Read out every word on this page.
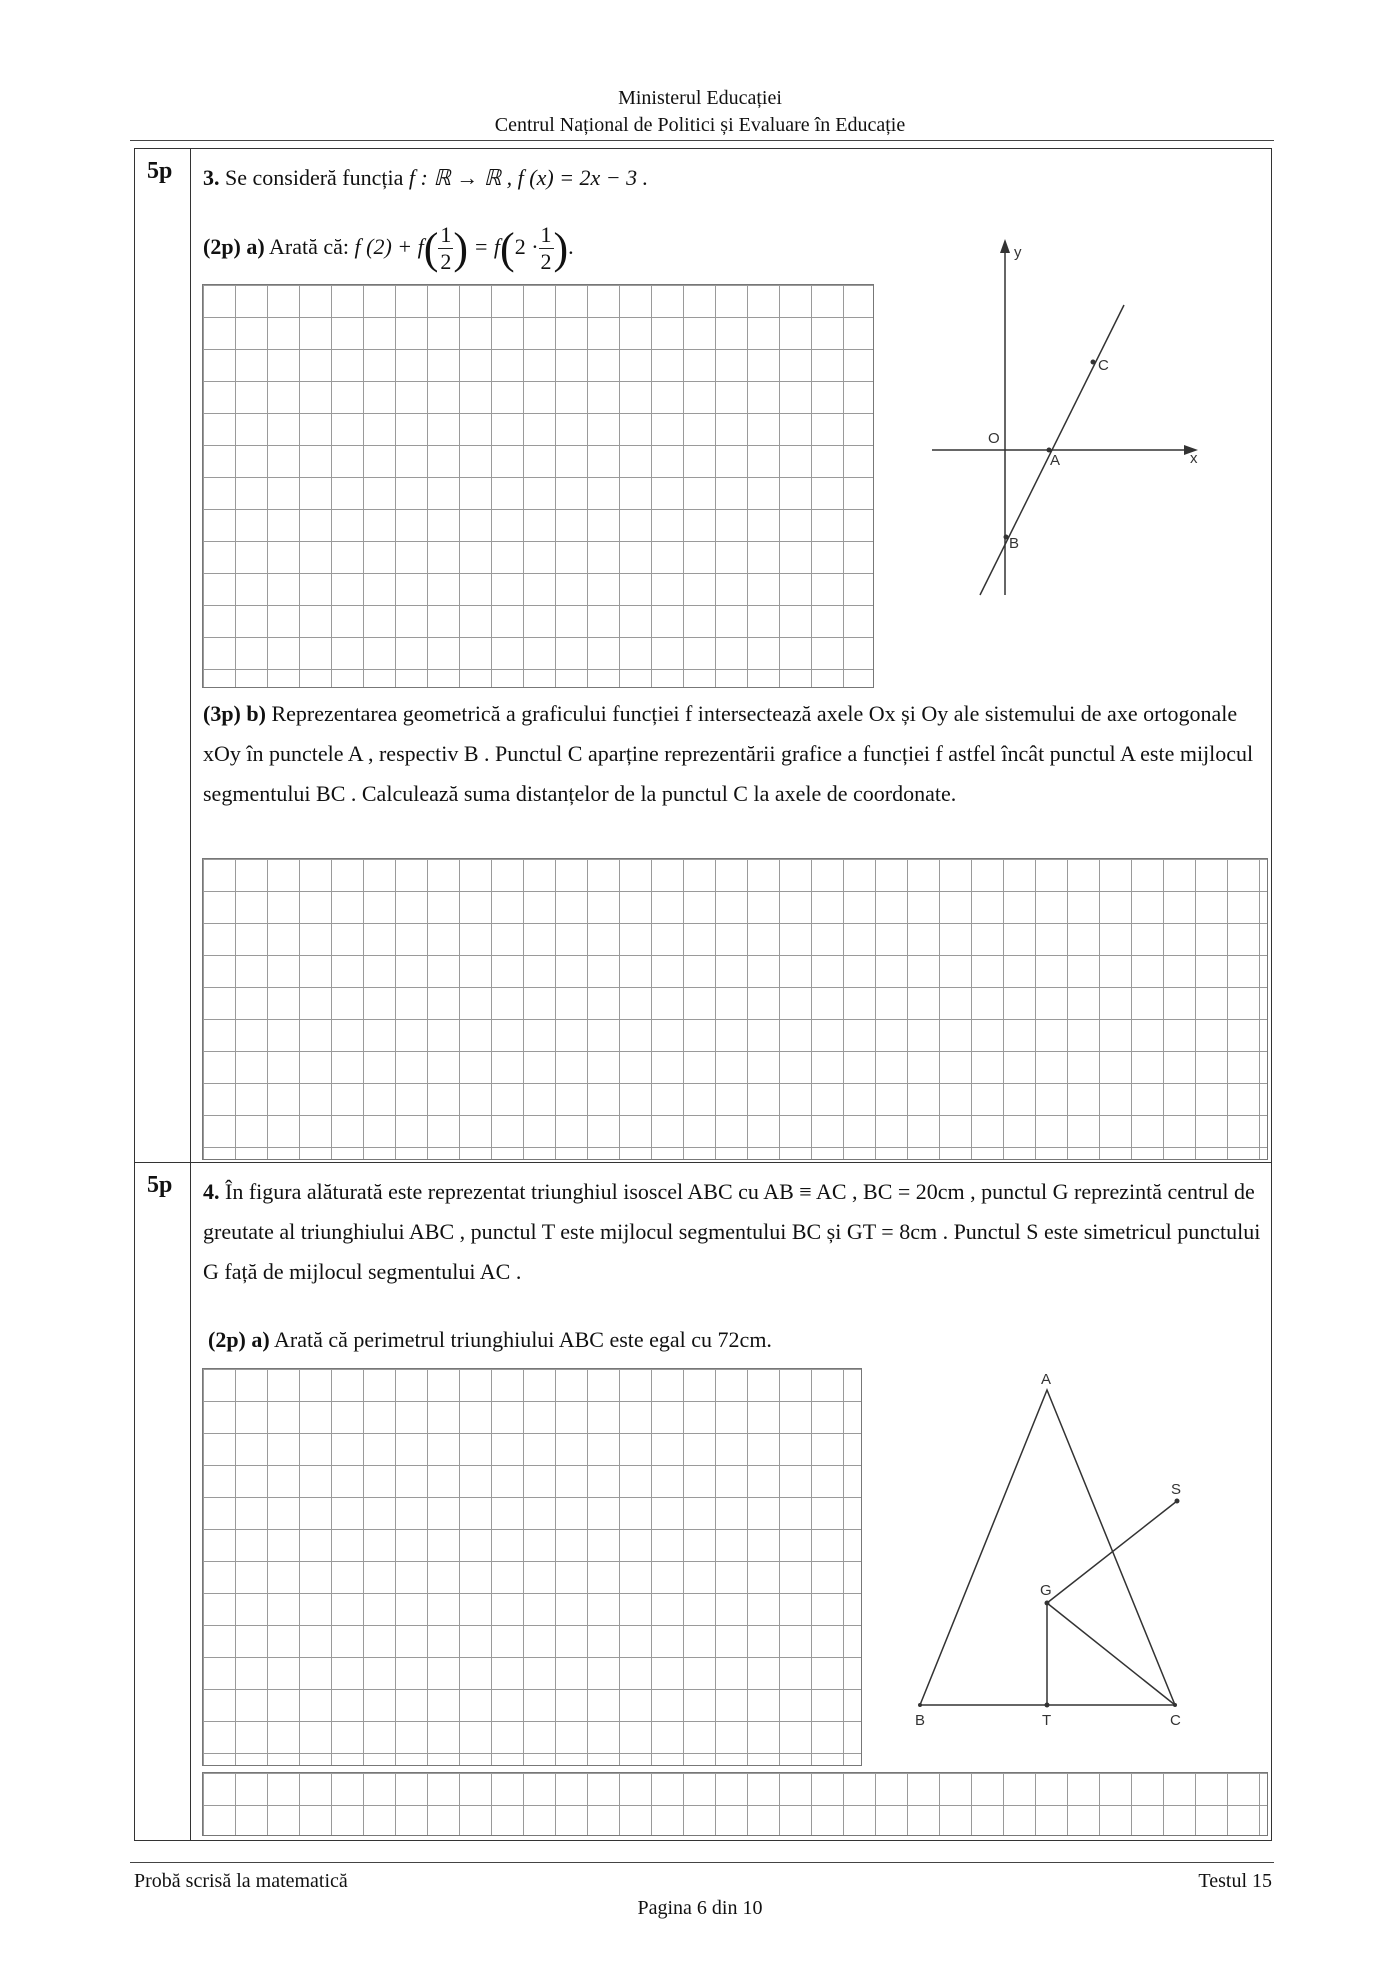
Ministerul Educației
Centrul Național de Politici și Evaluare în Educație
5p 3. Se consideră funcția f : ℝ → ℝ , f (x) = 2x − 3 .
(2p) a) Arată că: f $(2) + f( \frac{1}{2}$ ) = $f(2 \cdot \frac{1}{2}$ ).	y
x
O
A
B
C
(3p) b) Reprezentarea geometrică a graficului funcției f intersectează axele Ox și Oy ale sistemului de axe ortogonale xOy în punctele A , respectiv B . Punctul C aparține reprezentării grafice a funcției f astfel încât punctul A este mijlocul segmentului BC . Calculează suma distanțelor de la punctul C la axele de coordonate.
5p 4. În figura alăturată este reprezentat triunghiul isoscel ABC cu AB ≡ AC , BC = 20cm , punctul G reprezintă centrul de greutate al triunghiului ABC , punctul T este mijlocul segmentului BC și GT = 8cm . Punctul S este simetricul punctului G față de mijlocul segmentului AC .
(2p) a) Arată că perimetrul triunghiului ABC este egal cu 72cm.
A
B	C
G
T
S
Probă scrisă la matematică	Testul 15
Pagina 6 din 10
